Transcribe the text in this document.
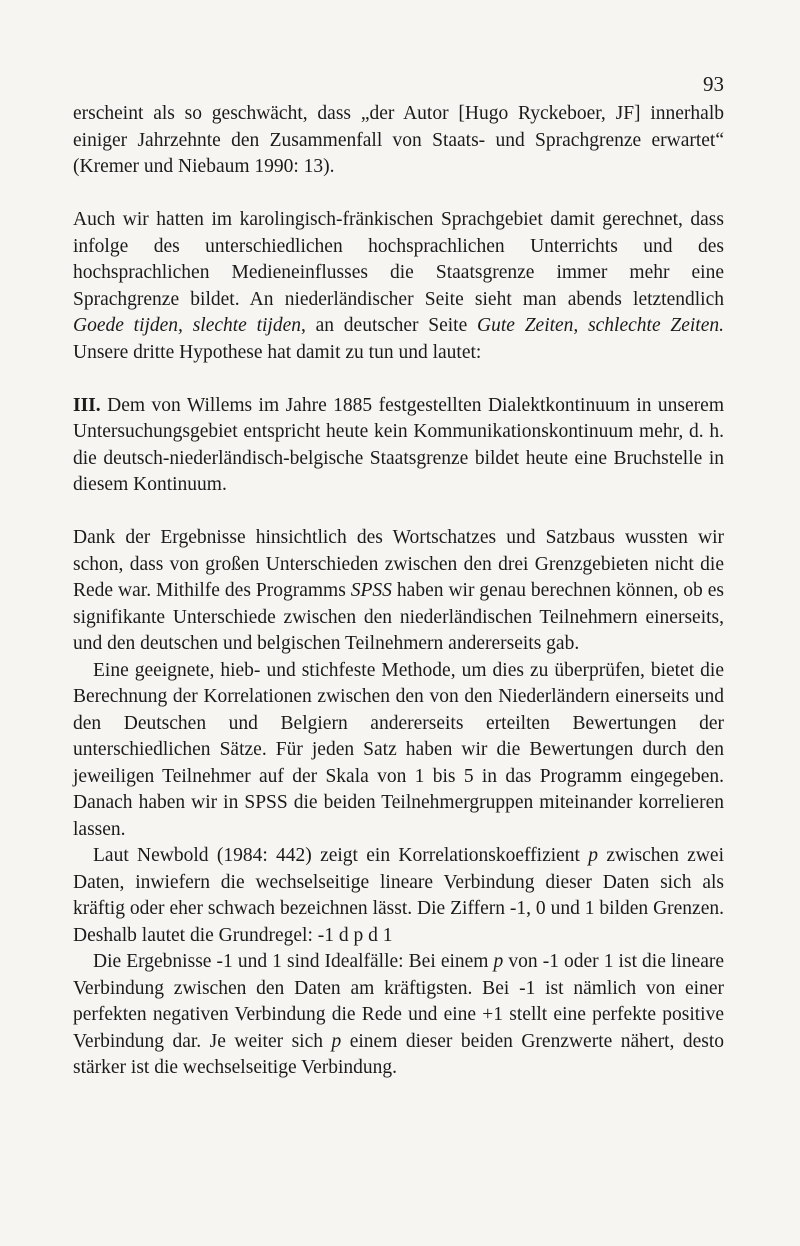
93

erscheint als so geschwächt, dass „der Autor [Hugo Ryckeboer, JF] innerhalb einiger Jahrzehnte den Zusammenfall von Staats- und Sprachgrenze erwartet“ (Kremer und Niebaum 1990: 13).

Auch wir hatten im karolingisch-fränkischen Sprachgebiet damit gerechnet, dass infolge des unterschiedlichen hochsprachlichen Unterrichts und des hochsprachlichen Medieneinflusses die Staatsgrenze immer mehr eine Sprachgrenze bildet. An niederländischer Seite sieht man abends letztendlich Goede tijden, slechte tijden, an deutscher Seite Gute Zeiten, schlechte Zeiten. Unsere dritte Hypothese hat damit zu tun und lautet:

III. Dem von Willems im Jahre 1885 festgestellten Dialektkontinuum in unserem Untersuchungsgebiet entspricht heute kein Kommunikationskontinuum mehr, d. h. die deutsch-niederländisch-belgische Staatsgrenze bildet heute eine Bruchstelle in diesem Kontinuum.

Dank der Ergebnisse hinsichtlich des Wortschatzes und Satzbaus wussten wir schon, dass von großen Unterschieden zwischen den drei Grenzgebieten nicht die Rede war. Mithilfe des Programms SPSS haben wir genau berechnen können, ob es signifikante Unterschiede zwischen den niederländischen Teilnehmern einerseits, und den deutschen und belgischen Teilnehmern andererseits gab.

Eine geeignete, hieb- und stichfeste Methode, um dies zu überprüfen, bietet die Berechnung der Korrelationen zwischen den von den Niederländern einerseits und den Deutschen und Belgiern andererseits erteilten Bewertungen der unterschiedlichen Sätze. Für jeden Satz haben wir die Bewertungen durch den jeweiligen Teilnehmer auf der Skala von 1 bis 5 in das Programm eingegeben. Danach haben wir in SPSS die beiden Teilnehmergruppen miteinander korrelieren lassen.

Laut Newbold (1984: 442) zeigt ein Korrelationskoeffizient p zwischen zwei Daten, inwiefern die wechselseitige lineare Verbindung dieser Daten sich als kräftig oder eher schwach bezeichnen lässt. Die Ziffern -1, 0 und 1 bilden Grenzen. Deshalb lautet die Grundregel: -1 d p d 1

Die Ergebnisse -1 und 1 sind Idealfälle: Bei einem p von -1 oder 1 ist die lineare Verbindung zwischen den Daten am kräftigsten. Bei -1 ist nämlich von einer perfekten negativen Verbindung die Rede und eine +1 stellt eine perfekte positive Verbindung dar. Je weiter sich p einem dieser beiden Grenzwerte nähert, desto stärker ist die wechselseitige Verbindung.
